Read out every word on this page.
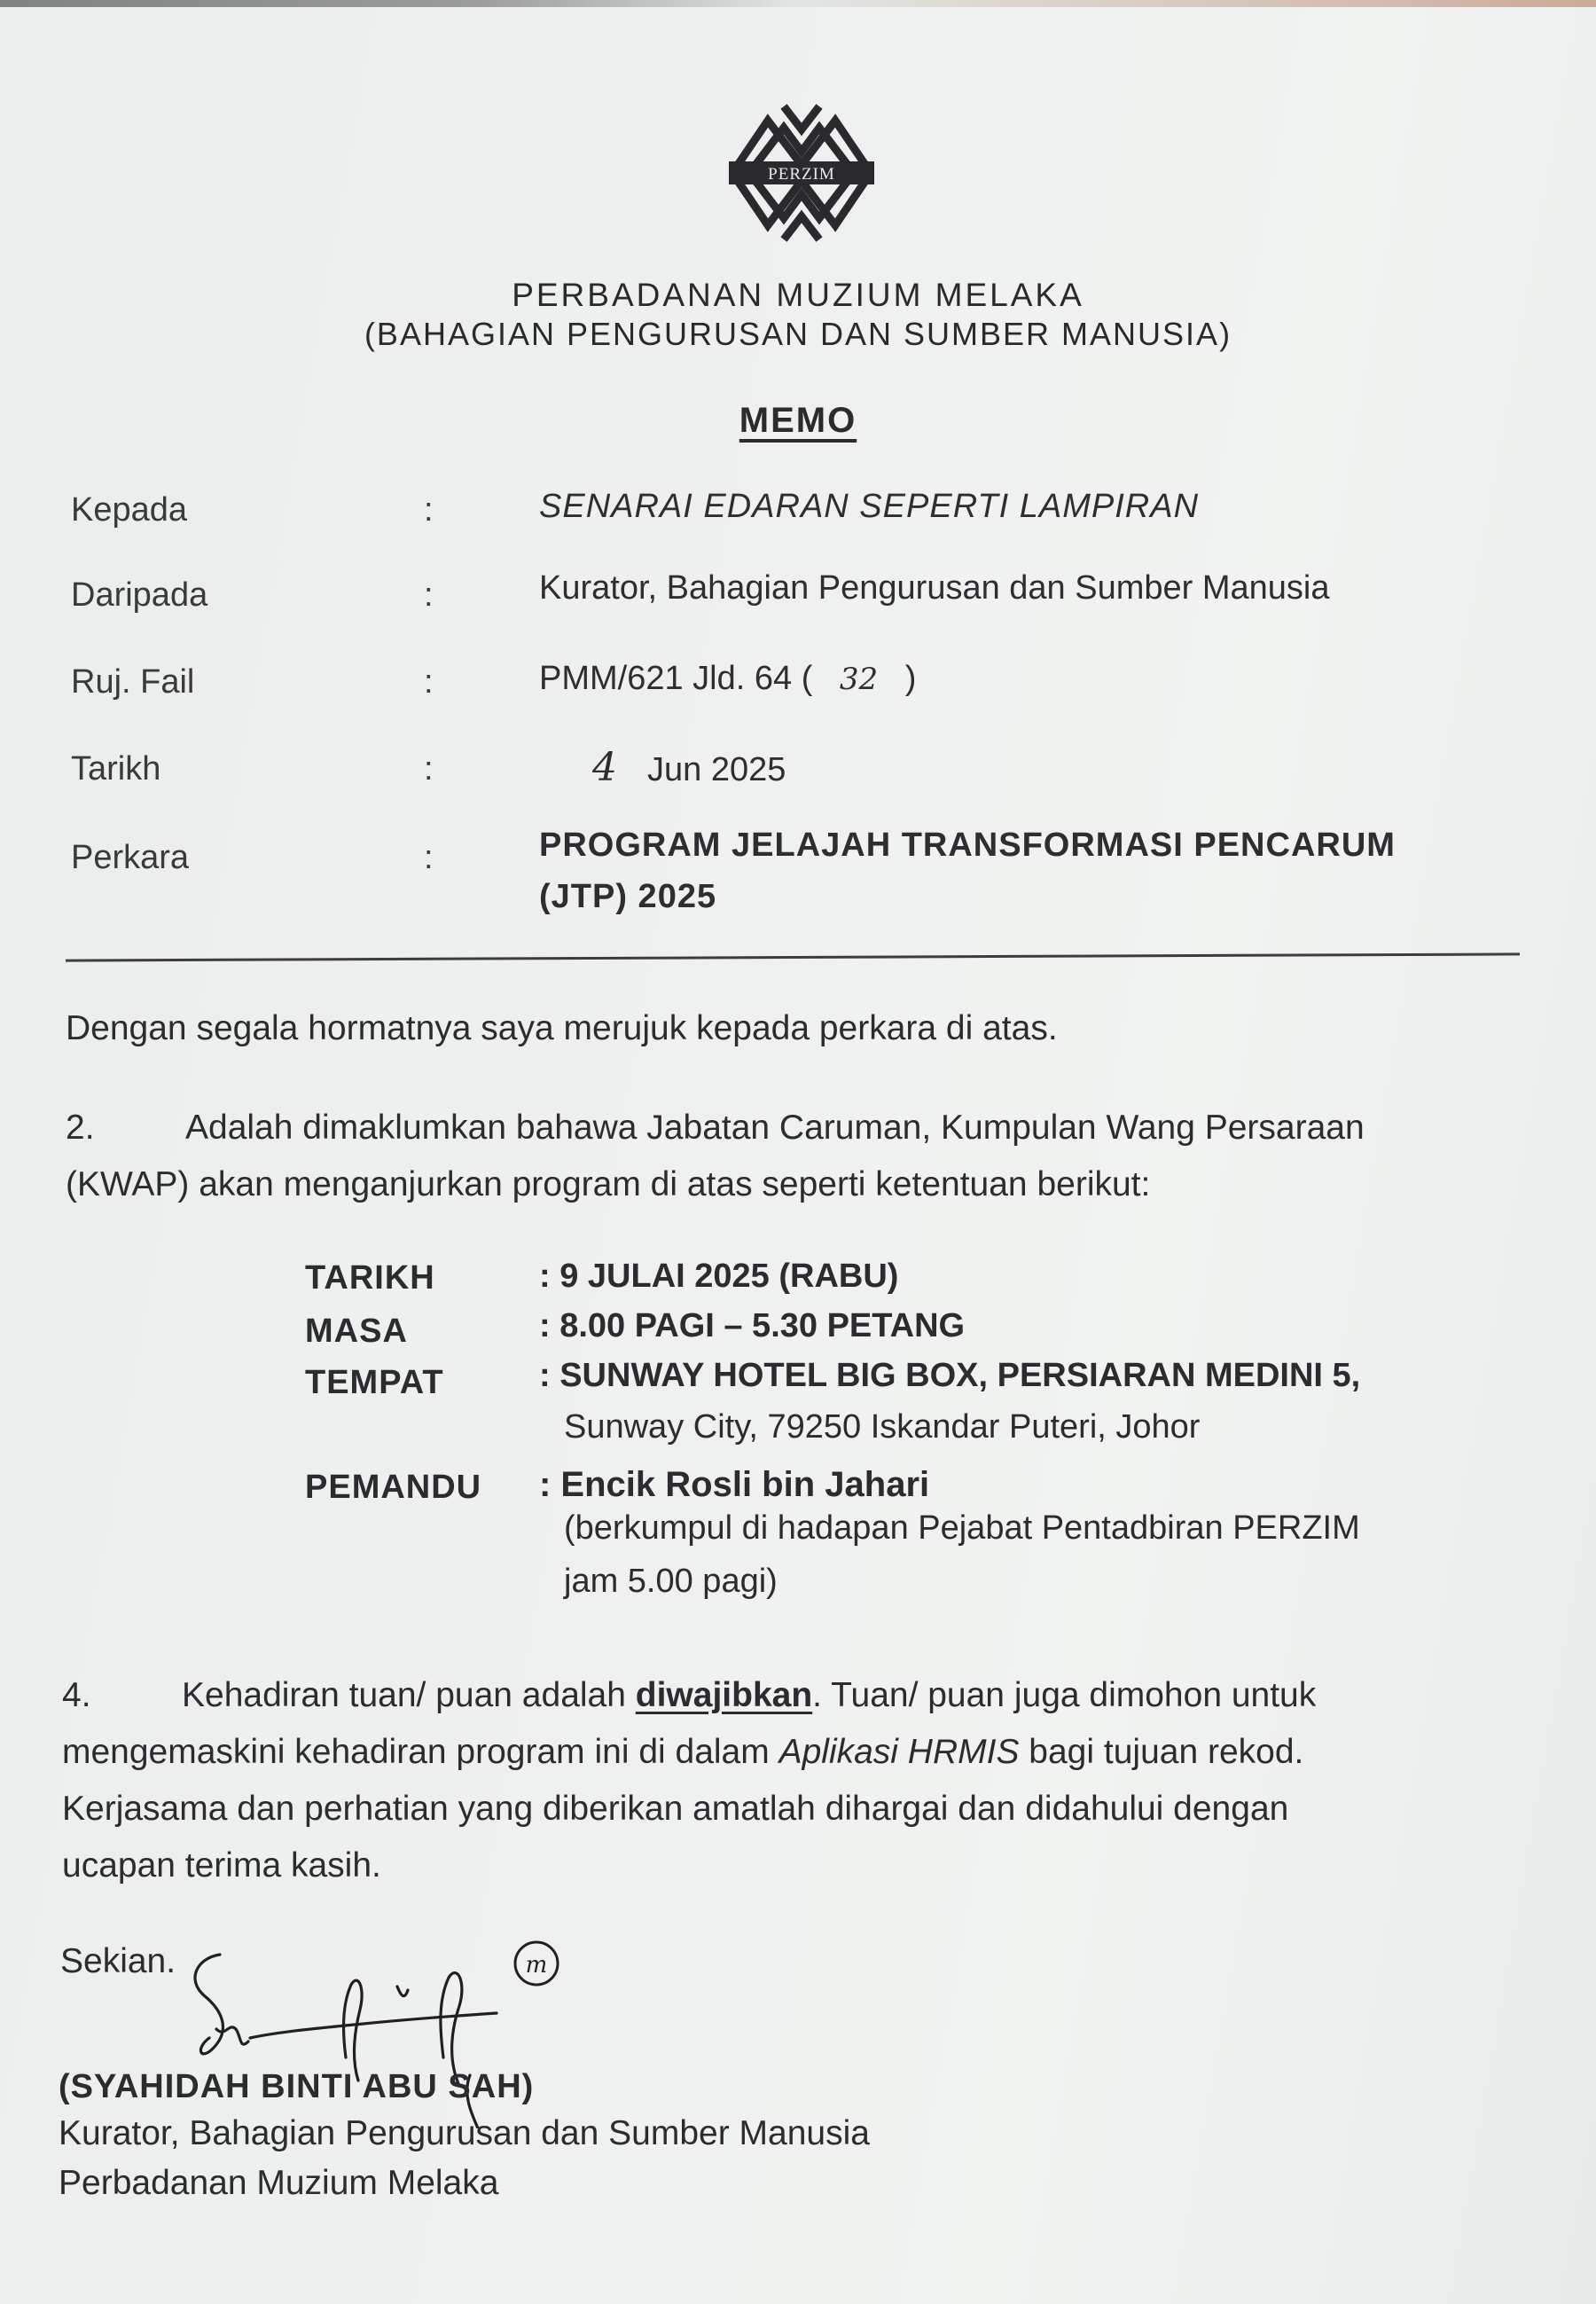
PERZIM
PERBADANAN MUZIUM MELAKA
(BAHAGIAN PENGURUSAN DAN SUMBER MANUSIA)
MEMO
Kepada	:	SENARAI EDARAN SEPERTI LAMPIRAN
Daripada	:	Kurator, Bahagian Pengurusan dan Sumber Manusia
Ruj. Fail	:	PMM/621 Jld. 64 ( 32 )
Tarikh	:	4 Jun 2025
Perkara	:	PROGRAM JELAJAH TRANSFORMASI PENCARUM
(JTP) 2025
Dengan segala hormatnya saya merujuk kepada perkara di atas.
2.	Adalah dimaklumkan bahawa Jabatan Caruman, Kumpulan Wang Persaraan
(KWAP) akan menganjurkan program di atas seperti ketentuan berikut:
TARIKH	: 9 JULAI 2025 (RABU)
MASA	: 8.00 PAGI – 5.30 PETANG
TEMPAT	: SUNWAY HOTEL BIG BOX, PERSIARAN MEDINI 5,
Sunway City, 79250 Iskandar Puteri, Johor
PEMANDU : Encik Rosli bin Jahari
(berkumpul di hadapan Pejabat Pentadbiran PERZIM
jam 5.00 pagi)
4.	Kehadiran tuan/ puan adalah diwajibkan. Tuan/ puan juga dimohon untuk
mengemaskini kehadiran program ini di dalam Aplikasi HRMIS bagi tujuan rekod.
Kerjasama dan perhatian yang diberikan amatlah dihargai dan didahului dengan
ucapan terima kasih.
Sekian.	m
(SYAHIDAH BINTI ABU SAH)
Kurator, Bahagian Pengurusan dan Sumber Manusia
Perbadanan Muzium Melaka
